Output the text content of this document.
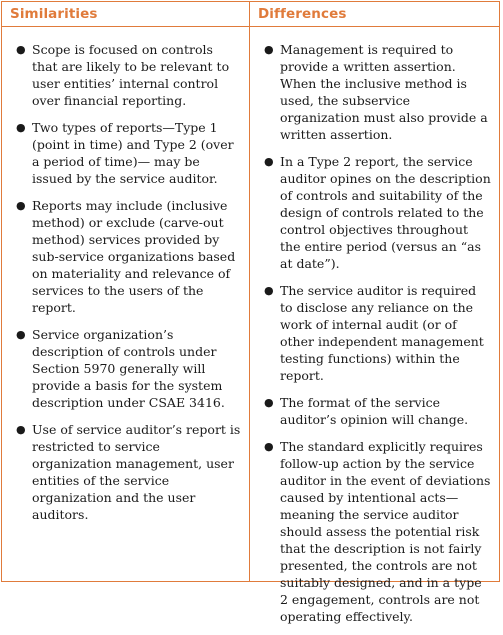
Similarities
● Scope is focused on controls that are likely to be relevant to user entities’ internal control over financial reporting.
● Two types of reports—Type 1 (point in time) and Type 2 (over a period of time)— may be issued by the service auditor.
● Reports may include (inclusive method) or exclude (carve-out method) services provided by sub-service organizations based on materiality and relevance of services to the users of the report.
● Service organization’s description of controls under Section 5970 generally will provide a basis for the system description under CSAE 3416.
● Use of service auditor’s report is restricted to service organization management, user entities of the service organization and the user auditors.
Differences
● Management is required to provide a written assertion. When the inclusive method is used, the subservice organization must also provide a written assertion.
● In a Type 2 report, the service auditor opines on the description of controls and suitability of the design of controls related to the control objectives throughout the entire period (versus an “as at date”).
● The service auditor is required to disclose any reliance on the work of internal audit (or of other independent management testing functions) within the report.
● The format of the service auditor’s opinion will change.
● The standard explicitly requires follow-up action by the service auditor in the event of deviations caused by intentional acts—meaning the service auditor should assess the potential risk that the description is not fairly presented, the controls are not suitably designed, and in a type 2 engagement, controls are not operating effectively.
